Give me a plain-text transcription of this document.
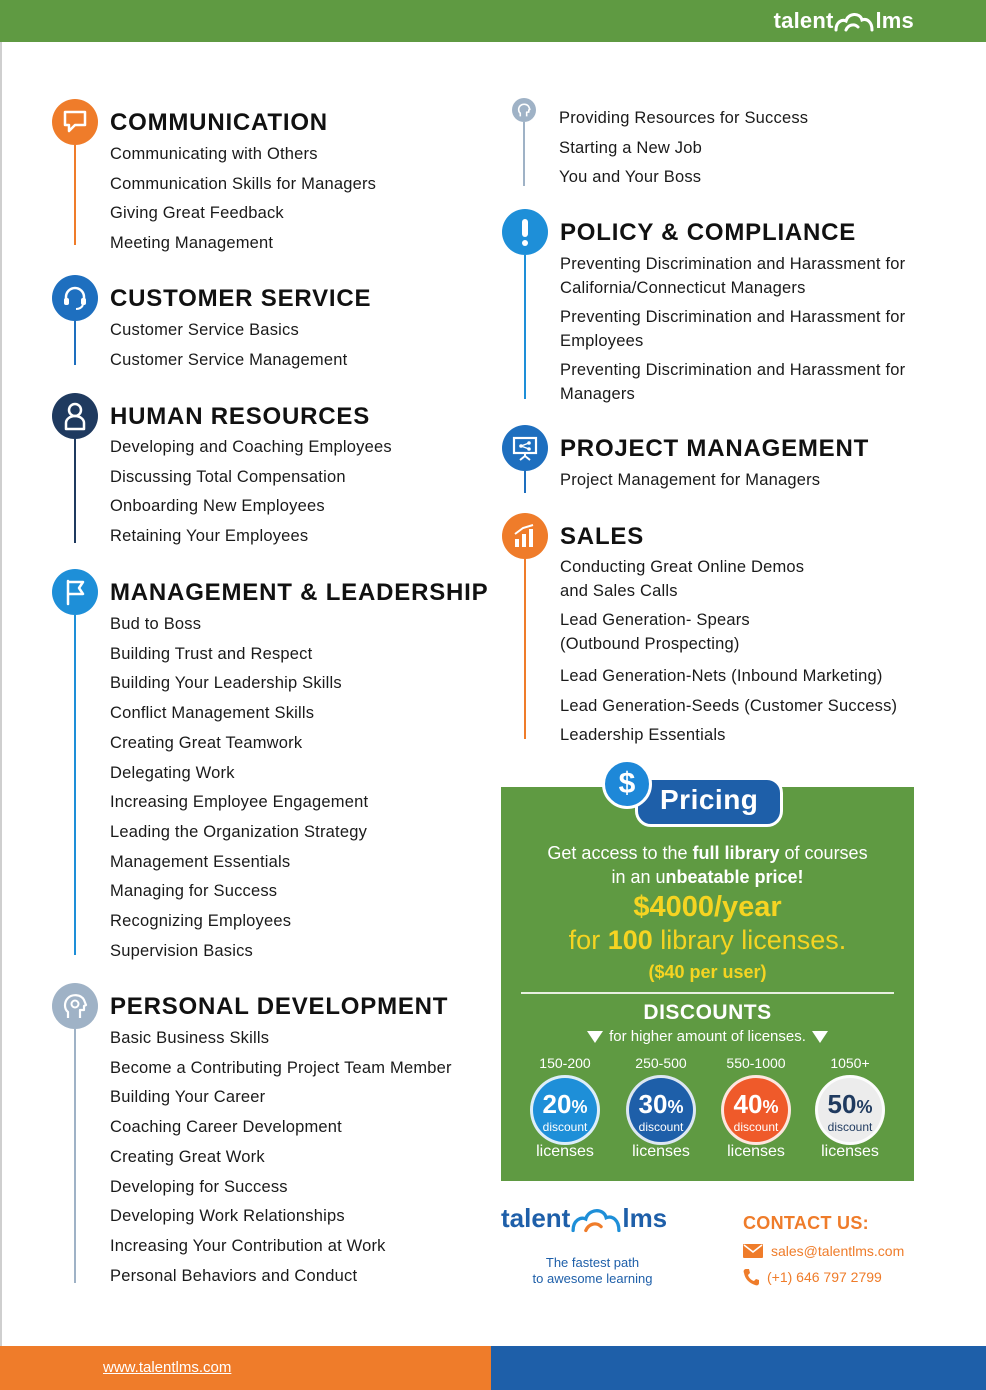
talent lms
COMMUNICATION
Communicating with Others
Communication Skills for Managers
Giving Great Feedback
Meeting Management
CUSTOMER SERVICE
Customer Service Basics
Customer Service Management
HUMAN RESOURCES
Developing and Coaching Employees
Discussing Total Compensation
Onboarding New Employees
Retaining Your Employees
MANAGEMENT & LEADERSHIP
Bud to Boss
Building Trust and Respect
Building Your Leadership Skills
Conflict Management Skills
Creating Great Teamwork
Delegating Work
Increasing Employee Engagement
Leading the Organization Strategy
Management Essentials
Managing for Success
Recognizing Employees
Supervision Basics
PERSONAL DEVELOPMENT
Basic Business Skills
Become a Contributing Project Team Member
Building Your Career
Coaching Career Development
Creating Great Work
Developing for Success
Developing Work Relationships
Increasing Your Contribution at Work
Personal Behaviors and Conduct
Providing Resources for Success
Starting a New Job
You and Your Boss
POLICY & COMPLIANCE
Preventing Discrimination and Harassment for California/Connecticut Managers
Preventing Discrimination and Harassment for Employees
Preventing Discrimination and Harassment for Managers
PROJECT MANAGEMENT
Project Management for Managers
SALES
Conducting Great Online Demos and Sales Calls
Lead Generation- Spears (Outbound Prospecting)
Lead Generation-Nets (Inbound Marketing)
Lead Generation-Seeds (Customer Success)
Leadership Essentials
Pricing
$
Get access to the full library of courses
in an unbeatable price!
$4000/year
for 100 library licenses.
($40 per user)
DISCOUNTS
for higher amount of licenses.
150-200
20%
discount
licenses
250-500
30%
discount
licenses
550-1000
40%
discount
licenses
1050+
50%
discount
licenses
talent lms
The fastest path
to awesome learning
CONTACT US:
sales@talentlms.com
(+1) 646 797 2799
www.talentlms.com
